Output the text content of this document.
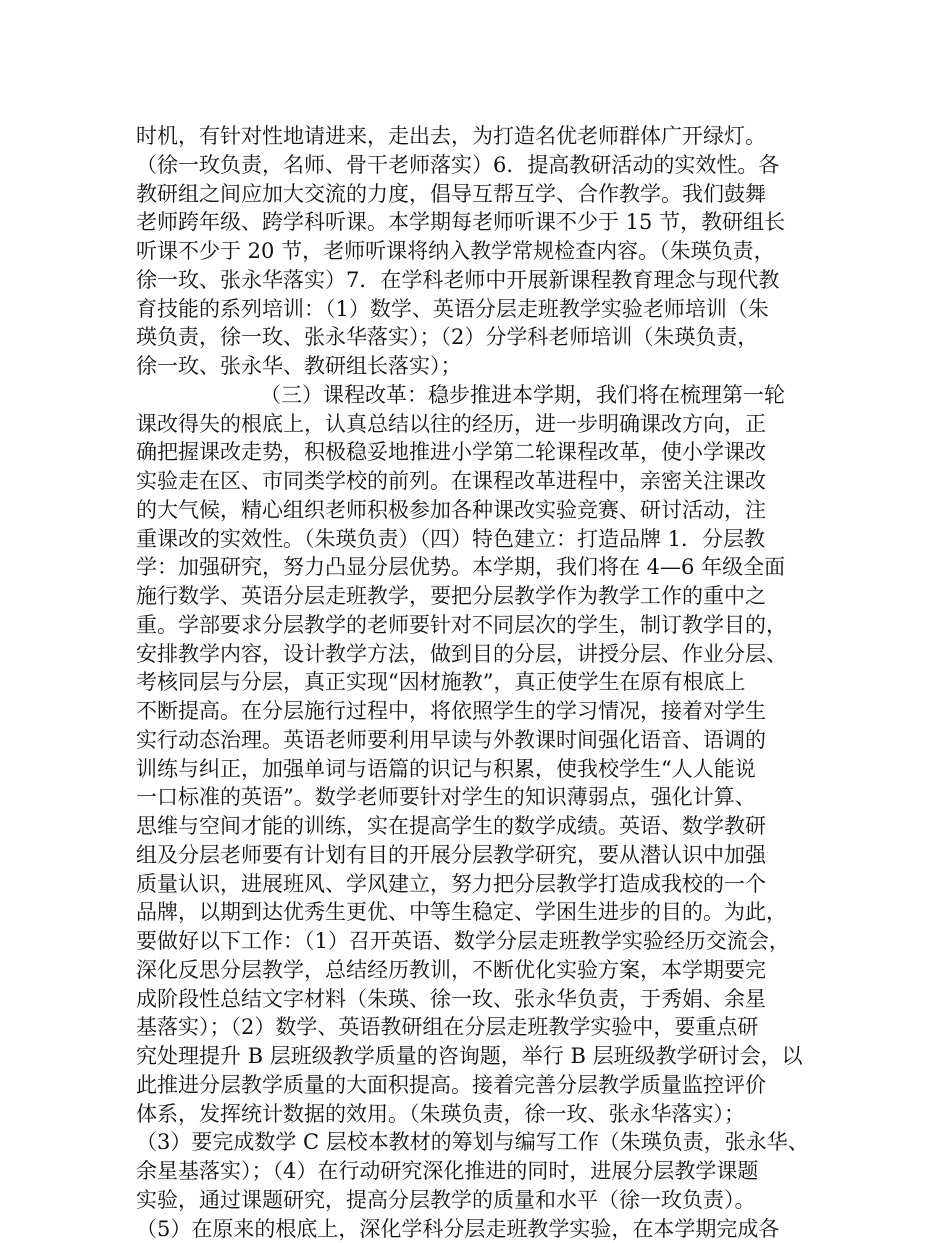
时机，有针对性地请进来，走出去，为打造名优老师群体广开绿灯。
（徐一玫负责，名师、骨干老师落实）6．提高教研活动的实效性。各
教研组之间应加大交流的力度，倡导互帮互学、合作教学。我们鼓舞
老师跨年级、跨学科听课。本学期每老师听课不少于 15 节，教研组长
听课不少于 20 节，老师听课将纳入教学常规检查内容。（朱瑛负责，
徐一玫、张永华落实）7．在学科老师中开展新课程教育理念与现代教
育技能的系列培训：（1）数学、英语分层走班教学实验老师培训（朱
瑛负责，徐一玫、张永华落实）；（2）分学科老师培训（朱瑛负责，
徐一玫、张永华、教研组长落实）；
（三）课程改革：稳步推进本学期，我们将在梳理第一轮
课改得失的根底上，认真总结以往的经历，进一步明确课改方向，正
确把握课改走势，积极稳妥地推进小学第二轮课程改革，使小学课改
实验走在区、市同类学校的前列。在课程改革进程中，亲密关注课改
的大气候，精心组织老师积极参加各种课改实验竞赛、研讨活动，注
重课改的实效性。（朱瑛负责）（四）特色建立：打造品牌 1．分层教
学：加强研究，努力凸显分层优势。本学期，我们将在 4—6 年级全面
施行数学、英语分层走班教学，要把分层教学作为教学工作的重中之
重。学部要求分层教学的老师要针对不同层次的学生，制订教学目的，
安排教学内容，设计教学方法，做到目的分层，讲授分层、作业分层、
考核同层与分层，真正实现“因材施教”，真正使学生在原有根底上
不断提高。在分层施行过程中，将依照学生的学习情况，接着对学生
实行动态治理。英语老师要利用早读与外教课时间强化语音、语调的
训练与纠正，加强单词与语篇的识记与积累，使我校学生“人人能说
一口标准的英语”。数学老师要针对学生的知识薄弱点，强化计算、
思维与空间才能的训练，实在提高学生的数学成绩。英语、数学教研
组及分层老师要有计划有目的开展分层教学研究，要从潜认识中加强
质量认识，进展班风、学风建立，努力把分层教学打造成我校的一个
品牌，以期到达优秀生更优、中等生稳定、学困生进步的目的。为此，
要做好以下工作：（1）召开英语、数学分层走班教学实验经历交流会，
深化反思分层教学，总结经历教训，不断优化实验方案，本学期要完
成阶段性总结文字材料（朱瑛、徐一玫、张永华负责，于秀娟、余星
基落实）；（2）数学、英语教研组在分层走班教学实验中，要重点研
究处理提升 B 层班级教学质量的咨询题，举行 B 层班级教学研讨会，以
此推进分层教学质量的大面积提高。接着完善分层教学质量监控评价
体系，发挥统计数据的效用。（朱瑛负责，徐一玫、张永华落实）；
（3）要完成数学 C 层校本教材的筹划与编写工作（朱瑛负责，张永华、
余星基落实）；（4）在行动研究深化推进的同时，进展分层教学课题
实验，通过课题研究，提高分层教学的质量和水平（徐一玫负责）。
（5）在原来的根底上，深化学科分层走班教学实验，在本学期完成各
